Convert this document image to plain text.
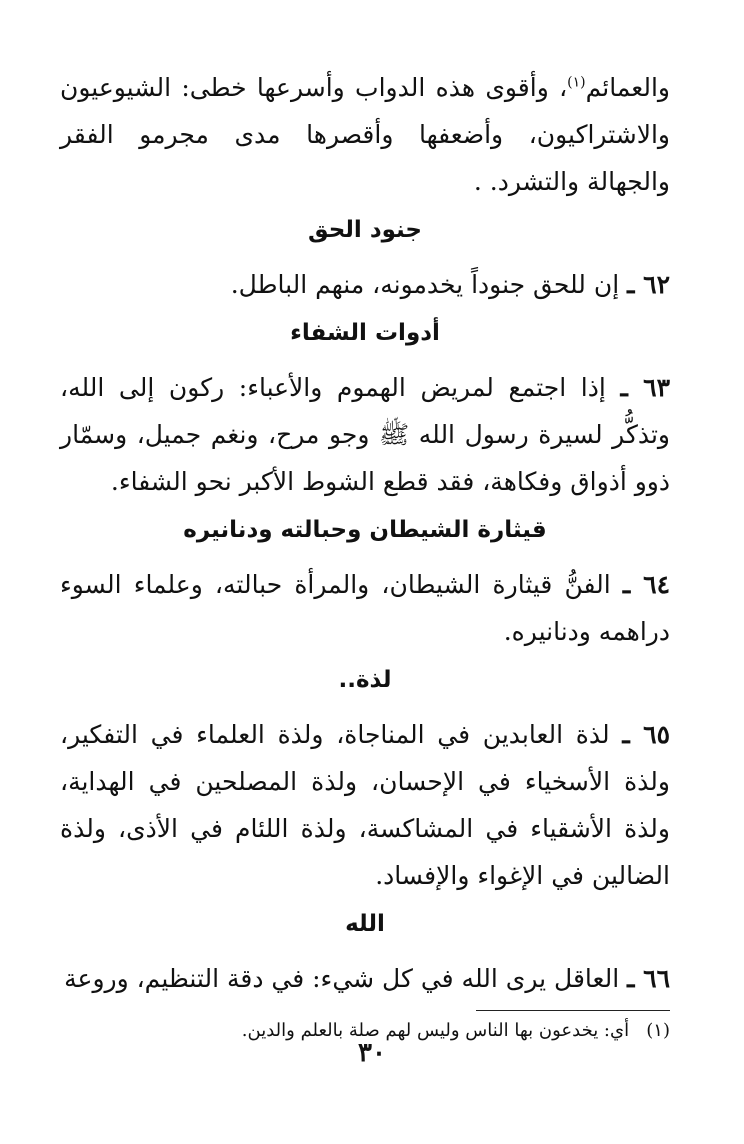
والعمائم$^{(١)}$، وأقوى هذه الدواب وأسرعها خطى: الشيوعيون والاشتراكيون، وأضعفها وأقصرها مدى مجرمو الفقر والجهالة والتشرد. .

جنود الحق

٦٢ ـ إن للحق جنوداً يخدمونه، منهم الباطل.

أدوات الشفاء

٦٣ ـ إذا اجتمع لمريض الهموم والأعباء: ركون إلى الله، وتذكُّر لسيرة رسول الله ﷺ وجو مرح، ونغم جميل، وسمّار ذوو أذواق وفكاهة، فقد قطع الشوط الأكبر نحو الشفاء.

قيثارة الشيطان وحبالته ودنانيره

٦٤ ـ الفنُّ قيثارة الشيطان، والمرأة حبالته، وعلماء السوء دراهمه ودنانيره.

لذة..

٦٥ ـ لذة العابدين في المناجاة، ولذة العلماء في التفكير، ولذة الأسخياء في الإحسان، ولذة المصلحين في الهداية، ولذة الأشقياء في المشاكسة، ولذة اللئام في الأذى، ولذة الضالين في الإغواء والإفساد.

الله

٦٦ ـ العاقل يرى الله في كل شيء: في دقة التنظيم، وروعة

(١)   أي: يخدعون بها الناس وليس لهم صلة بالعلم والدين.

٣٠
